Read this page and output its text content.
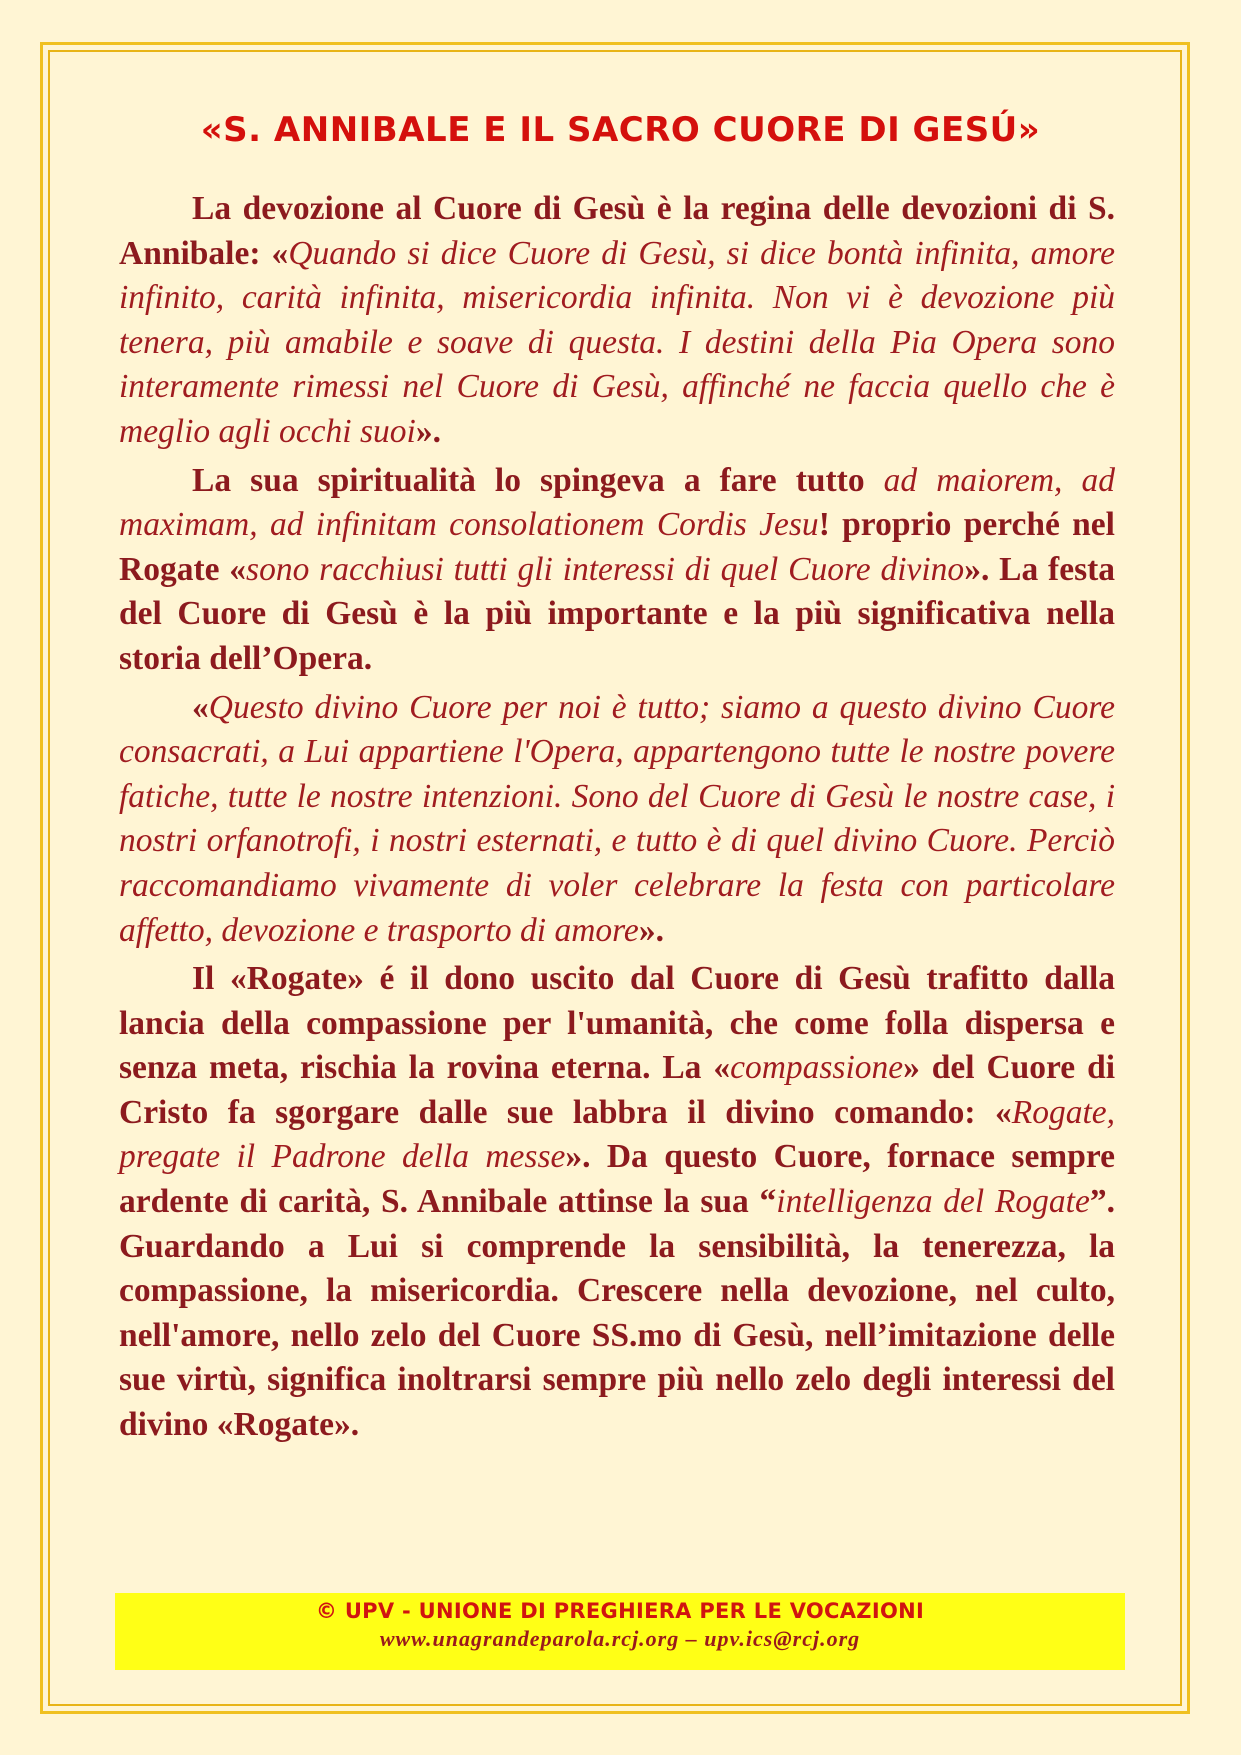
«S. ANNIBALE E IL SACRO CUORE DI GESÚ»

La devozione al Cuore di Gesù è la regina delle devozioni di S. Annibale: «Quando si dice Cuore di Gesù, si dice bontà infinita, amore infinito, carità infinita, misericordia infinita. Non vi è devozione più tenera, più amabile e soave di questa. I destini della Pia Opera sono interamente rimessi nel Cuore di Gesù, affinché ne faccia quello che è meglio agli occhi suoi».

La sua spiritualità lo spingeva a fare tutto ad maiorem, ad maximam, ad infinitam consolationem Cordis Jesu! proprio perché nel Rogate «sono racchiusi tutti gli interessi di quel Cuore divino». La festa del Cuore di Gesù è la più importante e la più significativa nella storia dell’Opera.

«Questo divino Cuore per noi è tutto; siamo a questo divino Cuore consacrati, a Lui appartiene l'Opera, appartengono tutte le nostre povere fatiche, tutte le nostre intenzioni. Sono del Cuore di Gesù le nostre case, i nostri orfanotrofi, i nostri esternati, e tutto è di quel divino Cuore. Perciò raccomandiamo vivamente di voler celebrare la festa con particolare affetto, devozione e trasporto di amore».

Il «Rogate» é il dono uscito dal Cuore di Gesù trafitto dalla lancia della compassione per l'umanità, che come folla dispersa e senza meta, rischia la rovina eterna. La «compassione» del Cuore di Cristo fa sgorgare dalle sue labbra il divino comando: «Rogate, pregate il Padrone della messe». Da questo Cuore, fornace sempre ardente di carità, S. Annibale attinse la sua “intelligenza del Rogate”. Guardando a Lui si comprende la sensibilità, la tenerezza, la compassione, la misericordia. Crescere nella devozione, nel culto, nell'amore, nello zelo del Cuore SS.mo di Gesù, nell’imitazione delle sue virtù, significa inoltrarsi sempre più nello zelo degli interessi del divino «Rogate».

© UPV - UNIONE DI PREGHIERA PER LE VOCAZIONI
www.unagrandeparola.rcj.org – upv.ics@rcj.org
